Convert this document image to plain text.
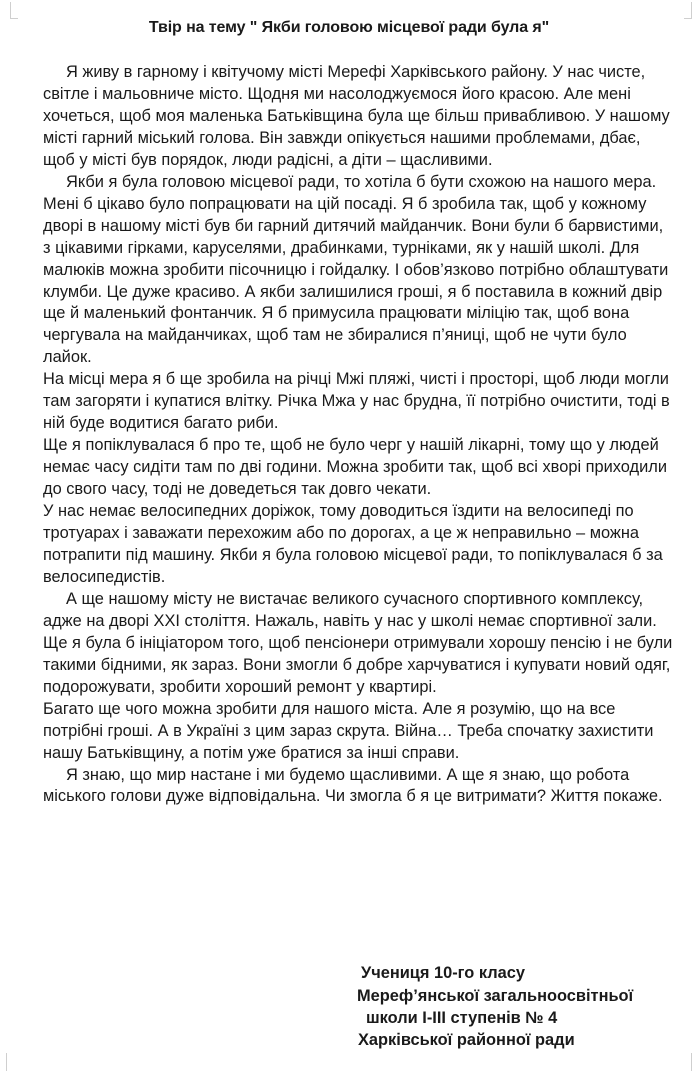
Твір на тему " Якби головою місцевої ради була я"

Я живу в гарному і квітучому місті Мерефі Харківського району. У нас чисте, світле і мальовниче місто. Щодня ми насолоджуємося його красою. Але мені хочеться, щоб моя маленька Батьківщина була ще більш привабливою. У нашому місті гарний міський голова. Він завжди опікується нашими проблемами, дбає, щоб у місті був порядок, люди радісні, а діти – щасливими.

Якби я була головою місцевої ради, то хотіла б бути схожою на нашого мера. Мені б цікаво було попрацювати на цій посаді. Я б зробила так, щоб у кожному дворі в нашому місті був би гарний дитячий майданчик. Вони були б барвистими, з цікавими гірками, каруселями, драбинками, турніками, як у нашій школі. Для малюків можна зробити пісочницю і гойдалку. І обов’язково потрібно облаштувати клумби. Це дуже красиво. А якби залишилися гроші, я б поставила в кожний двір ще й маленький фонтанчик. Я б примусила працювати міліцію так, щоб вона чергувала на майданчиках, щоб там не збиралися п’яниці, щоб не чути було лайок.

На місці мера я б ще зробила на річці Мжі пляжі, чисті і просторі, щоб люди могли там загоряти і купатися влітку. Річка Мжа у нас брудна, її потрібно очистити, тоді в ній буде водитися багато риби.

Ще я попіклувалася б про те, щоб не було черг у нашій лікарні, тому що у людей немає часу сидіти там по дві години. Можна зробити так, щоб всі хворі приходили до свого часу, тоді не доведеться так довго чекати.

У нас немає велосипедних доріжок, тому доводиться їздити на велосипеді по тротуарах і заважати перехожим або по дорогах, а це ж неправильно – можна потрапити під машину. Якби я була головою місцевої ради, то попіклувалася б за велосипедистів.

А ще нашому місту не вистачає великого сучасного спортивного комплексу, адже на дворі ХХІ століття. Нажаль, навіть у нас у школі немає спортивної зали.

Ще я була б ініціатором того, щоб пенсіонери отримували хорошу пенсію і не були такими бідними, як зараз. Вони змогли б добре харчуватися і купувати новий одяг, подорожувати, зробити хороший ремонт у квартирі.

Багато ще чого можна зробити для нашого міста. Але я розумію, що на все потрібні гроші. А в Україні з цим зараз скрута. Війна… Треба спочатку захистити нашу Батьківщину, а потім уже братися за інші справи.

Я знаю, що мир настане і ми будемо щасливими. А ще я знаю, що робота міського голови дуже відповідальна. Чи змогла б я це витримати? Життя покаже.

Учениця 10-го класу
Мереф’янської загальноосвітньої
школи І-ІІІ ступенів № 4
Харківської районної ради
